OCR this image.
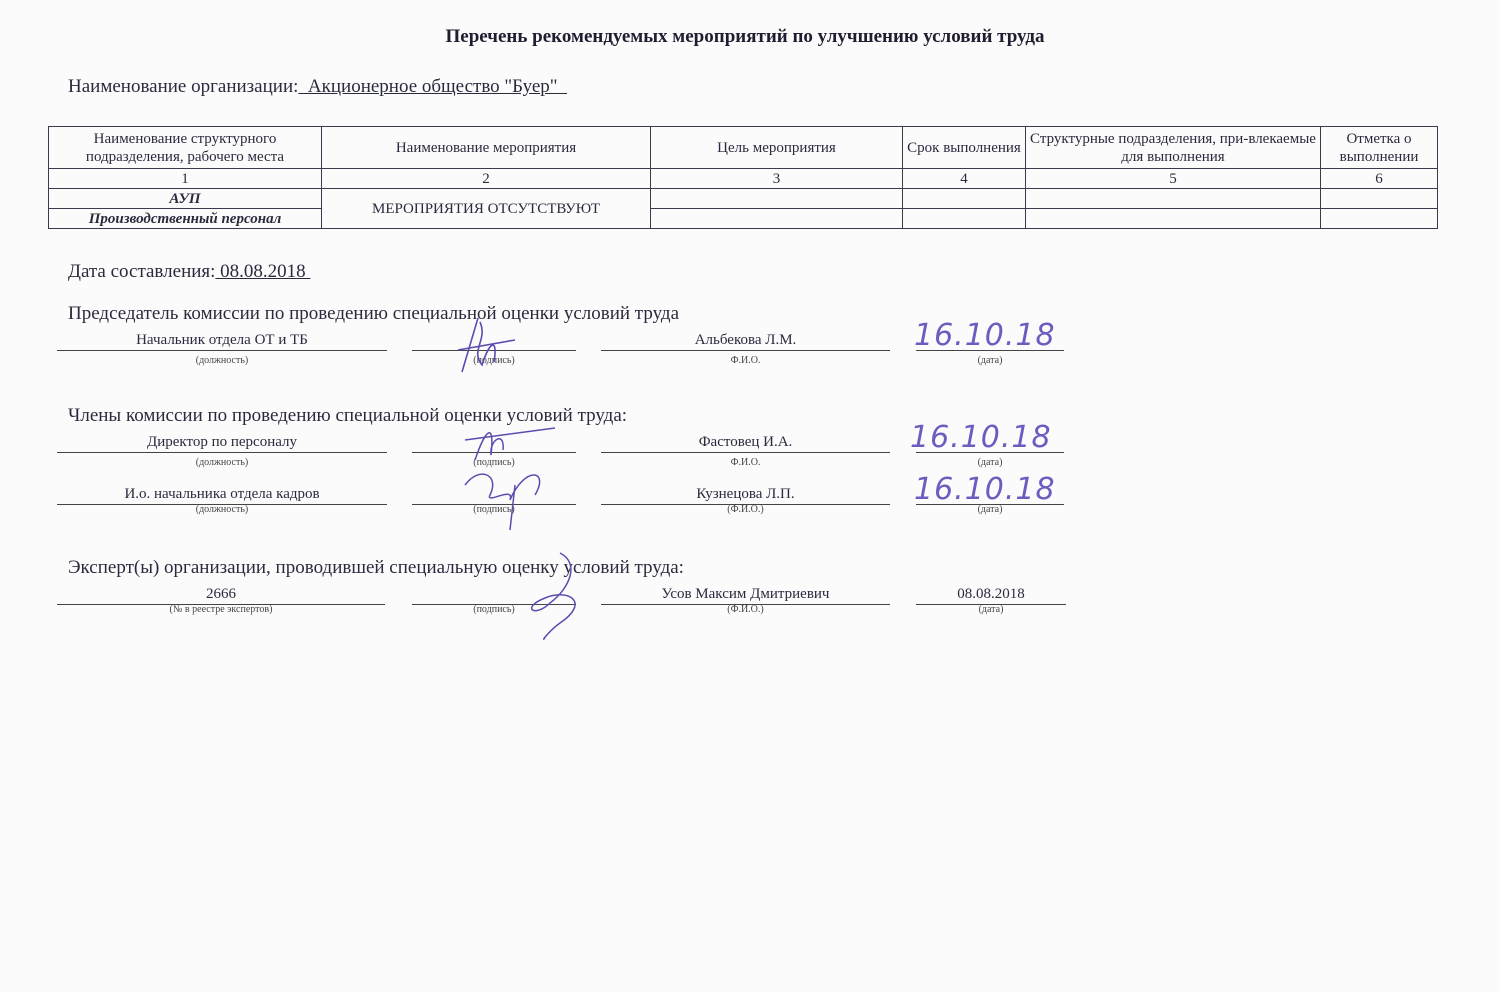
Перечень рекомендуемых мероприятий по улучшению условий труда
Наименование организации:  Акционерное общество "Буер"
Наименование структурного подразделения, рабочего места	Наименование мероприятия	Цель мероприятия	Срок выполнения	Структурные подразделения, при-влекаемые для выполнения	Отметка о выполнении
1	2	3	4	5	6
АУП	МЕРОПРИЯТИЯ ОТСУТСТВУЮТ				
Производственный персонал					
Дата составления: 08.08.2018
Председатель комиссии по проведению специальной оценки условий труда
Начальник отдела ОТ и ТБ	Альбекова Л.М.
(должность)	(подпись)	Ф.И.О.	(дата)
16.10.18
Члены комиссии по проведению специальной оценки условий труда:
Директор по персоналу	Фастовец И.А.
(должность)	(подпись)	Ф.И.О.	(дата)
16.10.18
И.о. начальника отдела кадров	Кузнецова Л.П.
(должность)	(подпись)	(Ф.И.О.)	(дата)
16.10.18
Эксперт(ы) организации, проводившей специальную оценку условий труда:
2666	Усов Максим Дмитриевич	08.08.2018
(№ в реестре экспертов)	(подпись)	(Ф.И.О.)	(дата)
